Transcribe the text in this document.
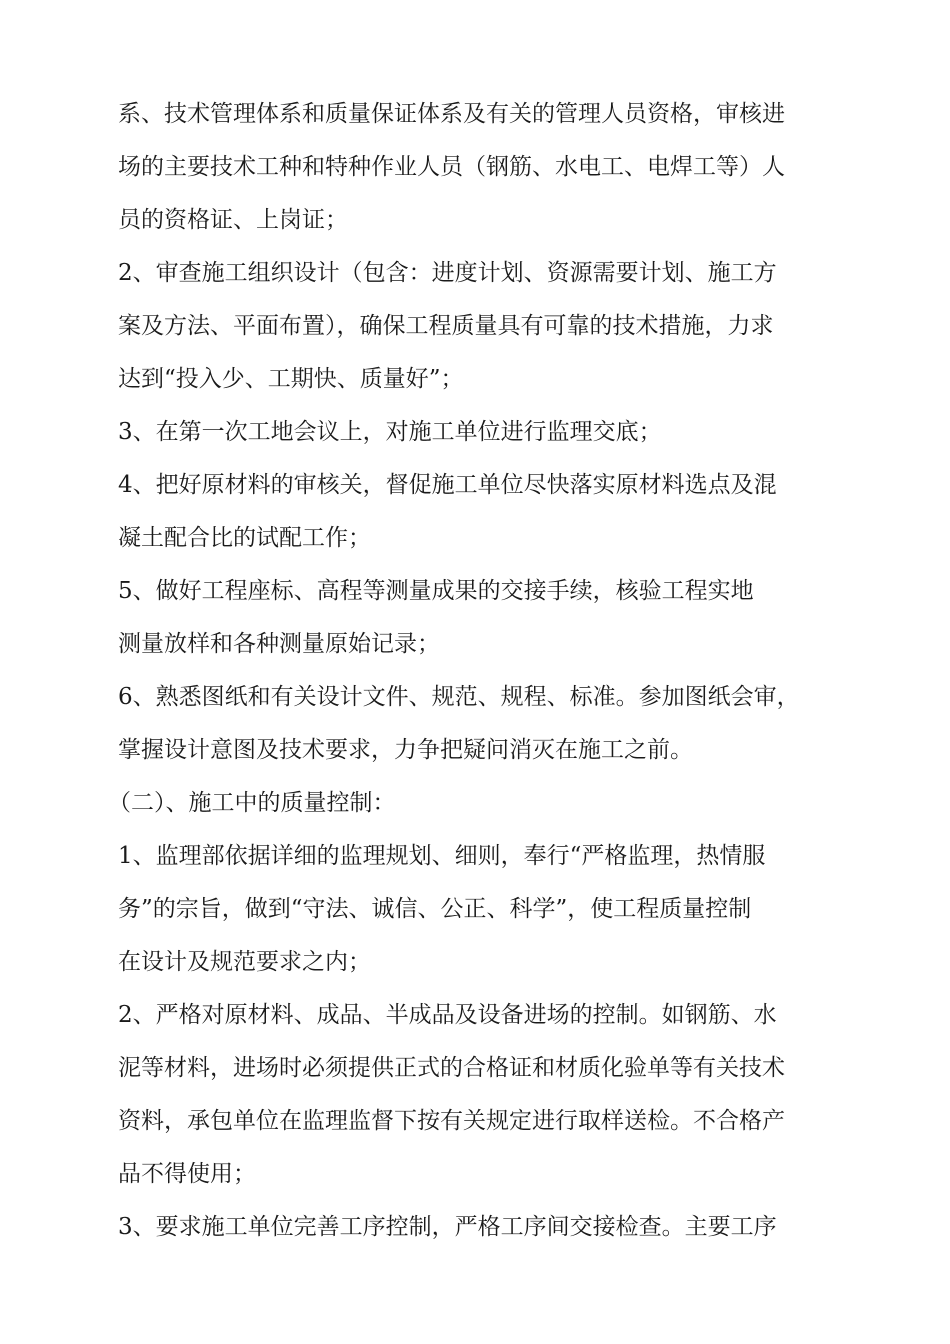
系、技术管理体系和质量保证体系及有关的管理人员资格，审核进
场的主要技术工种和特种作业人员（钢筋、水电工、电焊工等）人
员的资格证、上岗证；
2、审查施工组织设计（包含：进度计划、资源需要计划、施工方
案及方法、平面布置），确保工程质量具有可靠的技术措施，力求
达到“投入少、工期快、质量好”；
3、在第一次工地会议上，对施工单位进行监理交底；
4、把好原材料的审核关，督促施工单位尽快落实原材料选点及混
凝土配合比的试配工作；
5、做好工程座标、高程等测量成果的交接手续，核验工程实地
测量放样和各种测量原始记录；
6、熟悉图纸和有关设计文件、规范、规程、标准。参加图纸会审，
掌握设计意图及技术要求，力争把疑问消灭在施工之前。
（二）、施工中的质量控制：
1、监理部依据详细的监理规划、细则，奉行“严格监理，热情服
务”的宗旨，做到“守法、诚信、公正、科学”，使工程质量控制
在设计及规范要求之内；
2、严格对原材料、成品、半成品及设备进场的控制。如钢筋、水
泥等材料，进场时必须提供正式的合格证和材质化验单等有关技术
资料，承包单位在监理监督下按有关规定进行取样送检。不合格产
品不得使用；
3、要求施工单位完善工序控制，严格工序间交接检查。主要工序
